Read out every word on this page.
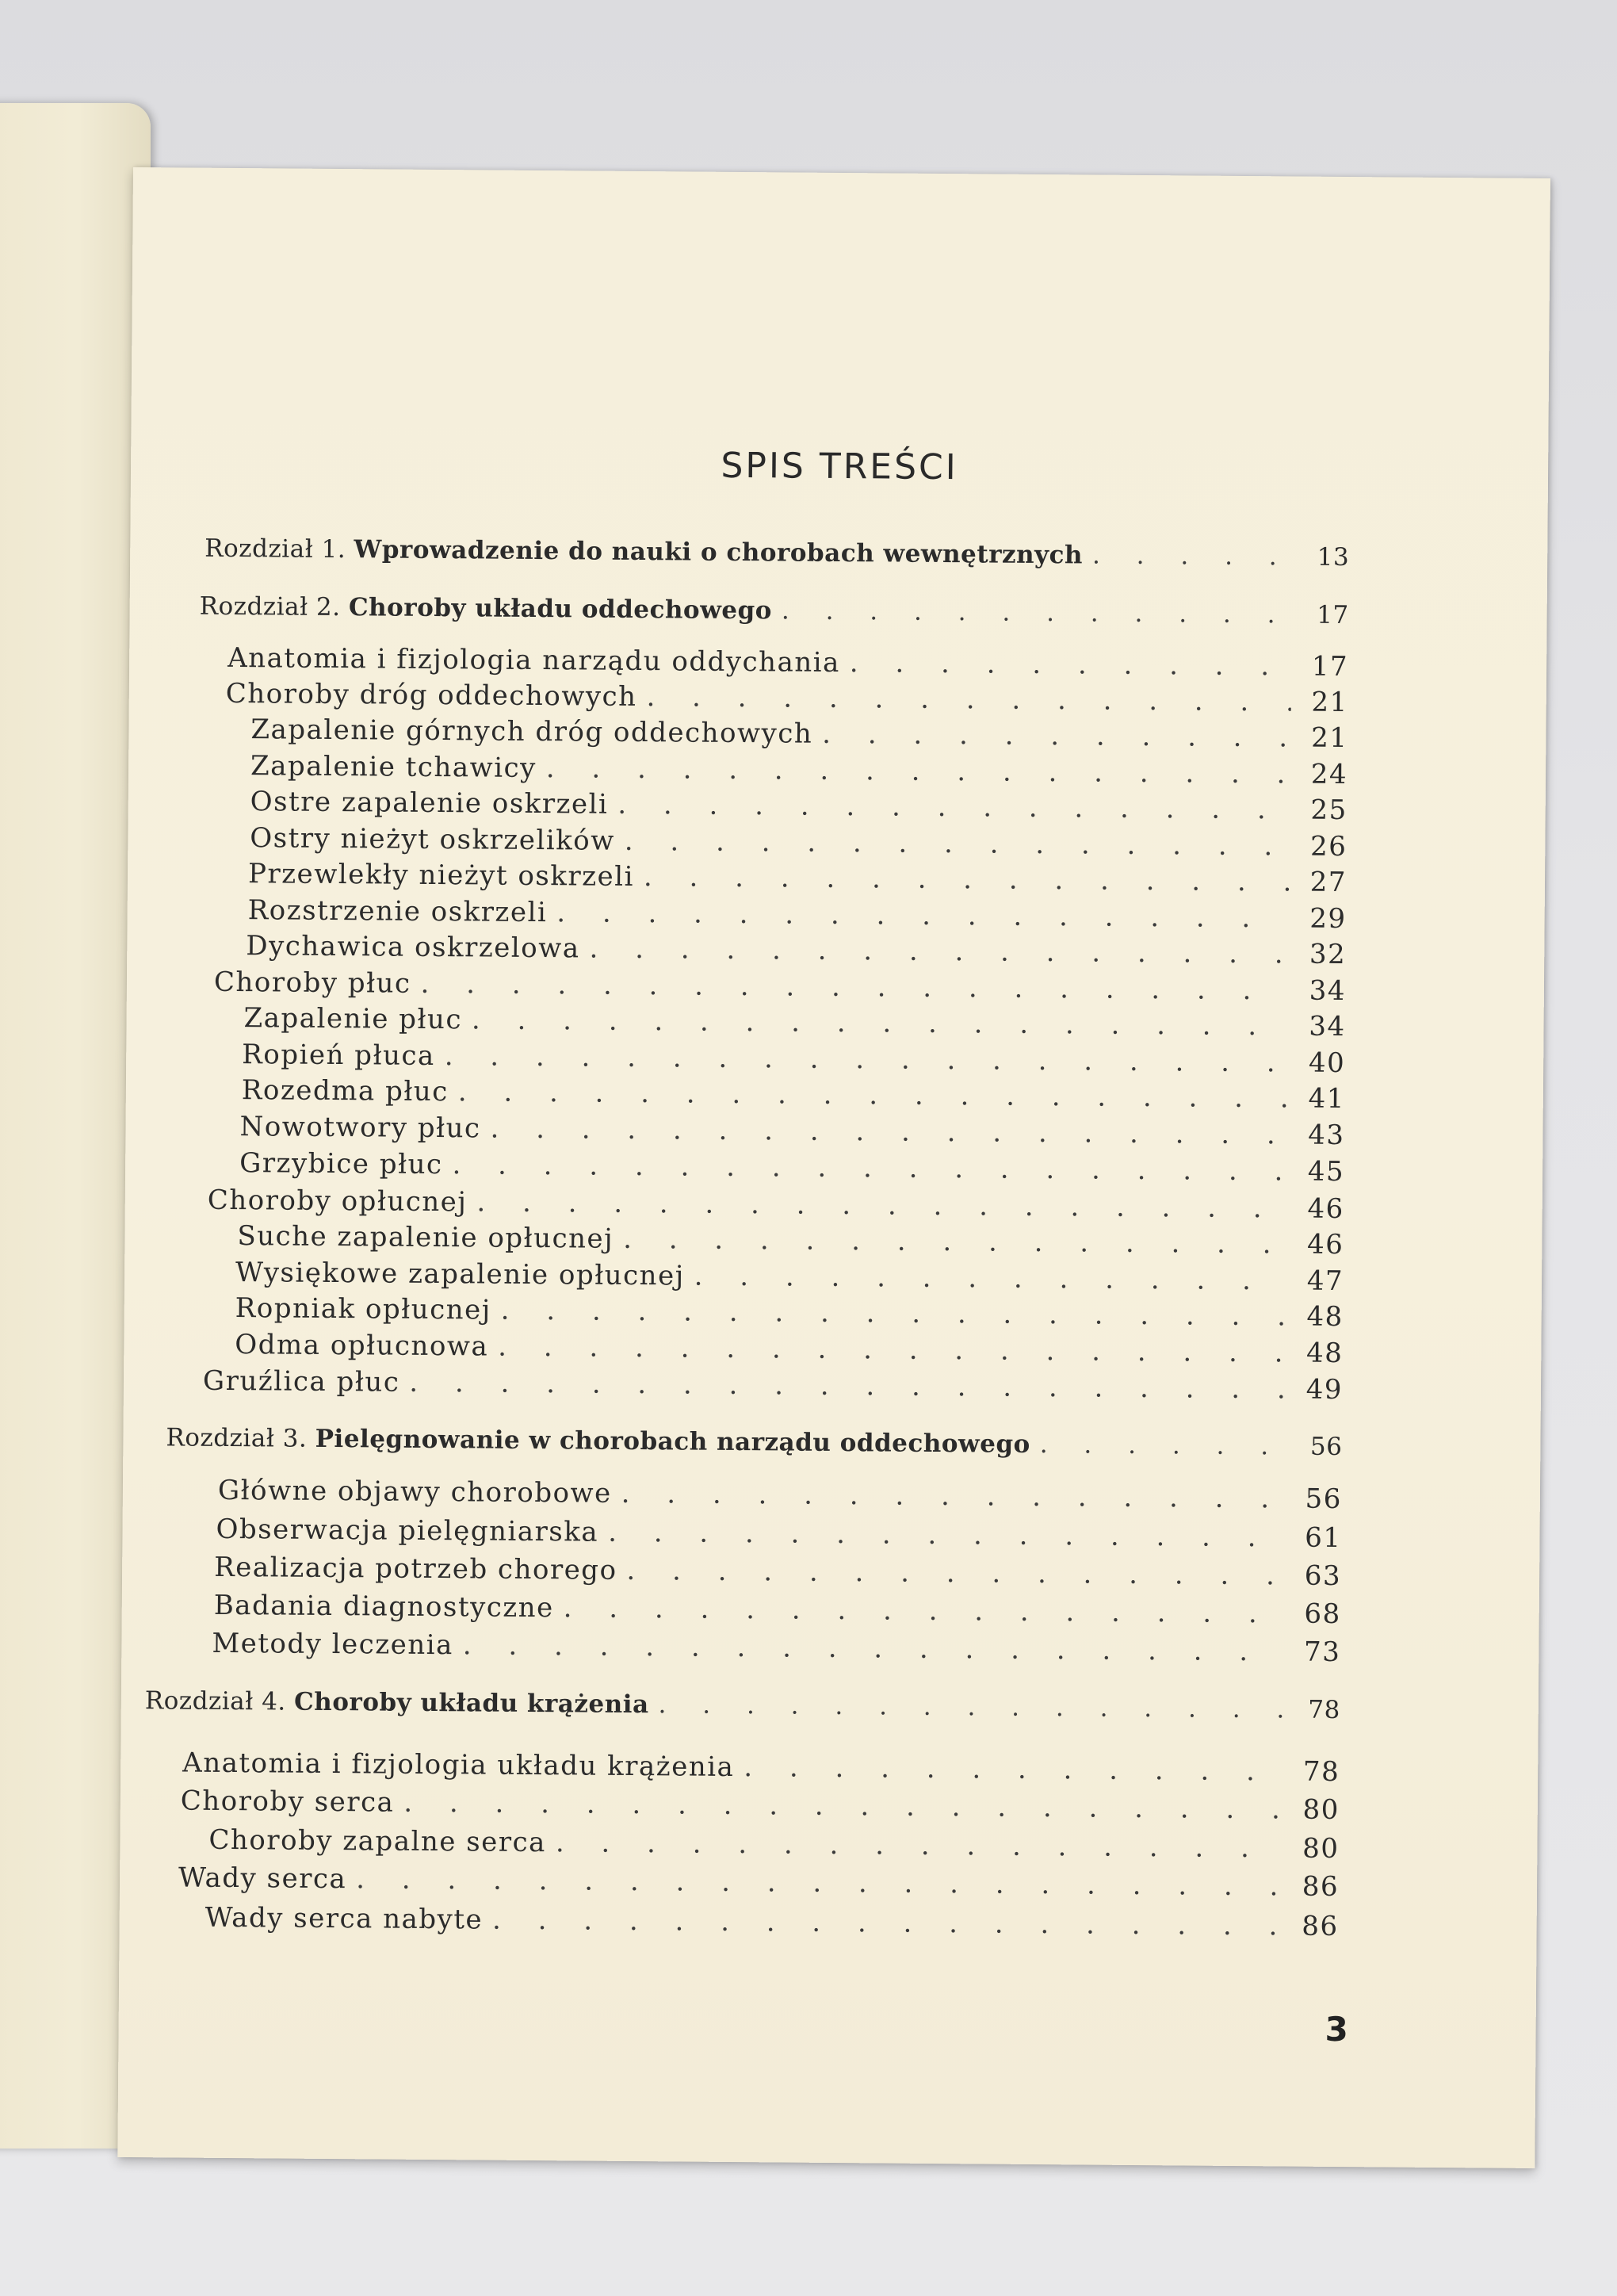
SPIS TREŚCI
Rozdział 1. Wprowadzenie do nauki o chorobach wewnętrznych . . .	13
Rozdział 2. Choroby układu oddechowego . . .	17
Anatomia i fizjologia narządu oddychania . . .	17
Choroby dróg oddechowych . . .	21
Zapalenie górnych dróg oddechowych . . .	21
Zapalenie tchawicy . . .	24
Ostre zapalenie oskrzeli . . .	25
Ostry nieżyt oskrzelików . . .	26
Przewlekły nieżyt oskrzeli . . .	27
Rozstrzenie oskrzeli . . .	29
Dychawica oskrzelowa . . .	32
Choroby płuc . . .	34
Zapalenie płuc . . .	34
Ropień płuca . . .	40
Rozedma płuc . . .	41
Nowotwory płuc . . .	43
Grzybice płuc . . .	45
Choroby opłucnej . . .	46
Suche zapalenie opłucnej . . .	46
Wysiękowe zapalenie opłucnej . . .	47
Ropniak opłucnej . . .	48
Odma opłucnowa . . .	48
Gruźlica płuc . . .	49
Rozdział 3. Pielęgnowanie w chorobach narządu oddechowego . . .	56
Główne objawy chorobowe . . .	56
Obserwacja pielęgniarska . . .	61
Realizacja potrzeb chorego . . .	63
Badania diagnostyczne . . .	68
Metody leczenia . . .	73
Rozdział 4. Choroby układu krążenia . . .	78
Anatomia i fizjologia układu krążenia . . .	78
Choroby serca . . .	80
Choroby zapalne serca . . .	80
Wady serca . . .	86
Wady serca nabyte . . .	86
3
